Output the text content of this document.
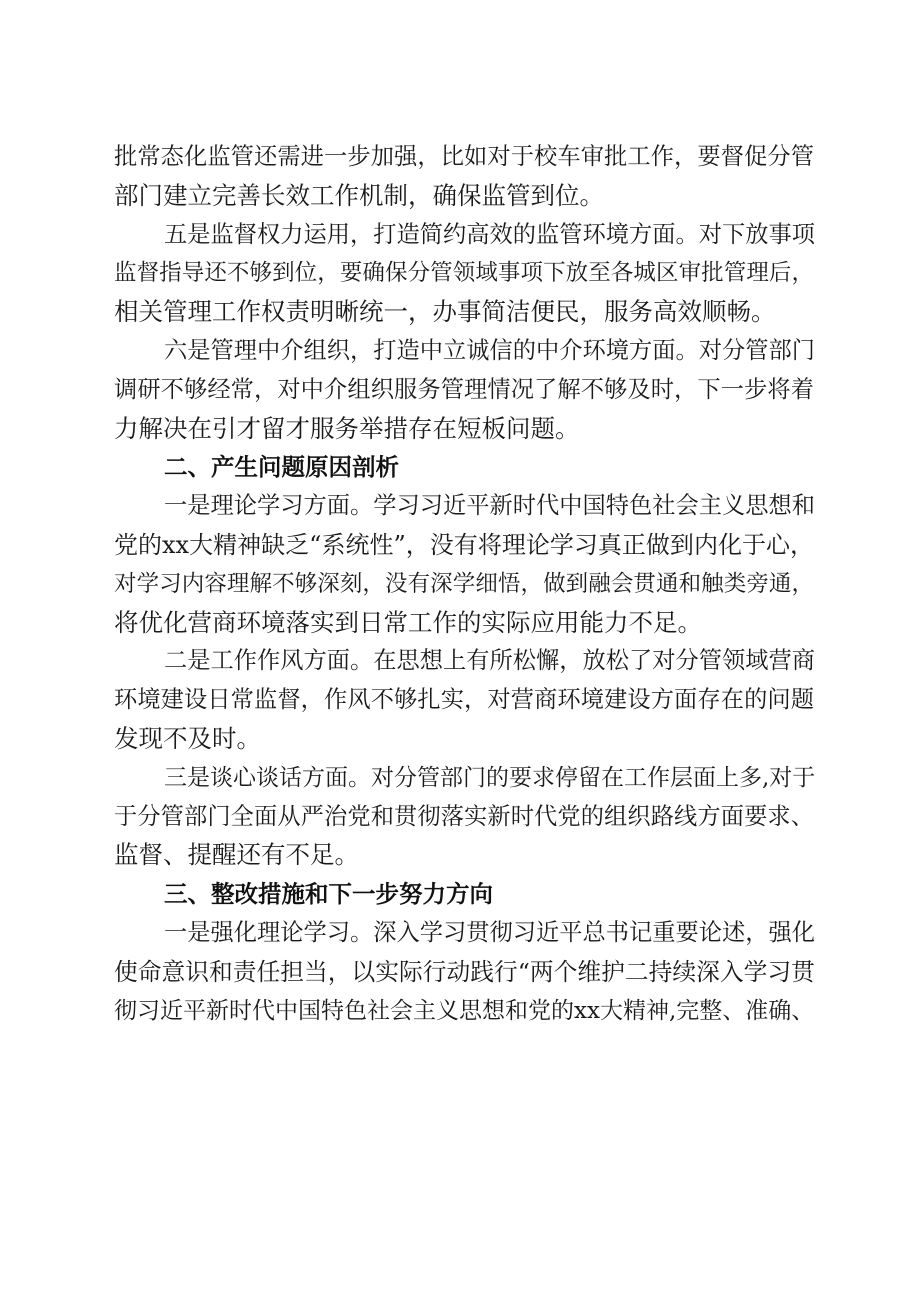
批常态化监管还需进一步加强，比如对于校车审批工作，要督促分管
部门建立完善长效工作机制，确保监管到位。
五是监督权力运用，打造简约高效的监管环境方面。对下放事项
监督指导还不够到位，要确保分管领域事项下放至各城区审批管理后，
相关管理工作权责明晰统一，办事简洁便民，服务高效顺畅。
六是管理中介组织，打造中立诚信的中介环境方面。对分管部门
调研不够经常，对中介组织服务管理情况了解不够及时，下一步将着
力解决在引才留才服务举措存在短板问题。
二、产生问题原因剖析
一是理论学习方面。学习习近平新时代中国特色社会主义思想和
党的xx大精神缺乏“系统性”，没有将理论学习真正做到内化于心，
对学习内容理解不够深刻，没有深学细悟，做到融会贯通和触类旁通，
将优化营商环境落实到日常工作的实际应用能力不足。
二是工作作风方面。在思想上有所松懈，放松了对分管领域营商
环境建设日常监督，作风不够扎实，对营商环境建设方面存在的问题
发现不及时。
三是谈心谈话方面。对分管部门的要求停留在工作层面上多,对于
于分管部门全面从严治党和贯彻落实新时代党的组织路线方面要求、
监督、提醒还有不足。
三、整改措施和下一步努力方向
一是强化理论学习。深入学习贯彻习近平总书记重要论述，强化
使命意识和责任担当，以实际行动践行“两个维护二持续深入学习贯
彻习近平新时代中国特色社会主义思想和党的xx大精神,完整、准确、
